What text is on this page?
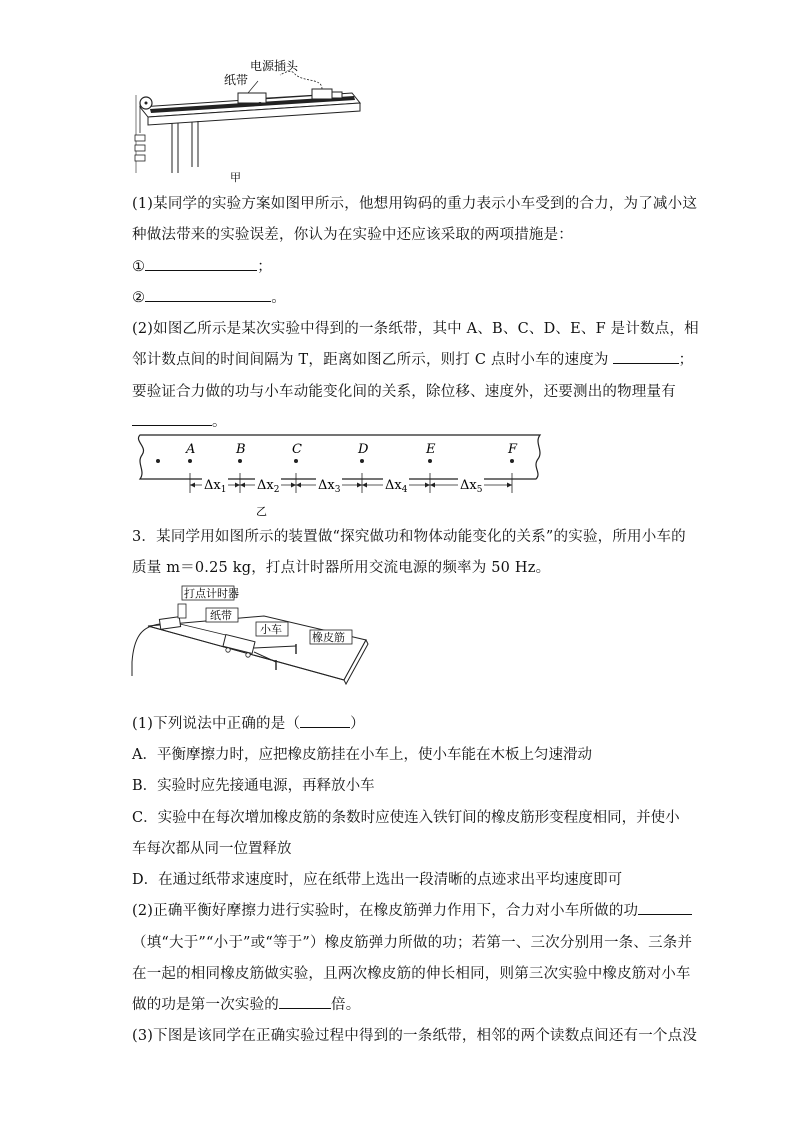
电源插头
纸带
甲
(1)某同学的实验方案如图甲所示，他想用钩码的重力表示小车受到的合力，为了减小这
种做法带来的实验误差，你认为在实验中还应该采取的两项措施是：
①	；
②	。
(2)如图乙所示是某次实验中得到的一条纸带，其中 A、B、C、D、E、F 是计数点，相
邻计数点间的时间间隔为 T，距离如图乙所示，则打 C 点时小车的速度为	；
要验证合力做的功与小车动能变化间的关系，除位移、速度外，还要测出的物理量有
。
A	B	C	D	E	F
$\Delta x_1$ $\Delta x_2$	$\Delta x_3$	$\Delta x_4$	$\Delta x_5$
乙
3．某同学用如图所示的装置做“探究做功和物体动能变化的关系”的实验，所用小车的
质量 m＝0.25 kg，打点计时器所用交流电源的频率为 50 Hz。
打点计时器
纸带
小车
橡皮筋
(1)下列说法中正确的是（	）
A．平衡摩擦力时，应把橡皮筋挂在小车上，使小车能在木板上匀速滑动
B．实验时应先接通电源，再释放小车
C．实验中在每次增加橡皮筋的条数时应使连入铁钉间的橡皮筋形变程度相同，并使小
车每次都从同一位置释放
D．在通过纸带求速度时，应在纸带上选出一段清晰的点迹求出平均速度即可
(2)正确平衡好摩擦力进行实验时，在橡皮筋弹力作用下，合力对小车所做的功
（填“大于”“小于”或“等于”）橡皮筋弹力所做的功；若第一、三次分别用一条、三条并
在一起的相同橡皮筋做实验，且两次橡皮筋的伸长相同，则第三次实验中橡皮筋对小车
做的功是第一次实验的	倍。
(3)下图是该同学在正确实验过程中得到的一条纸带，相邻的两个读数点间还有一个点没
